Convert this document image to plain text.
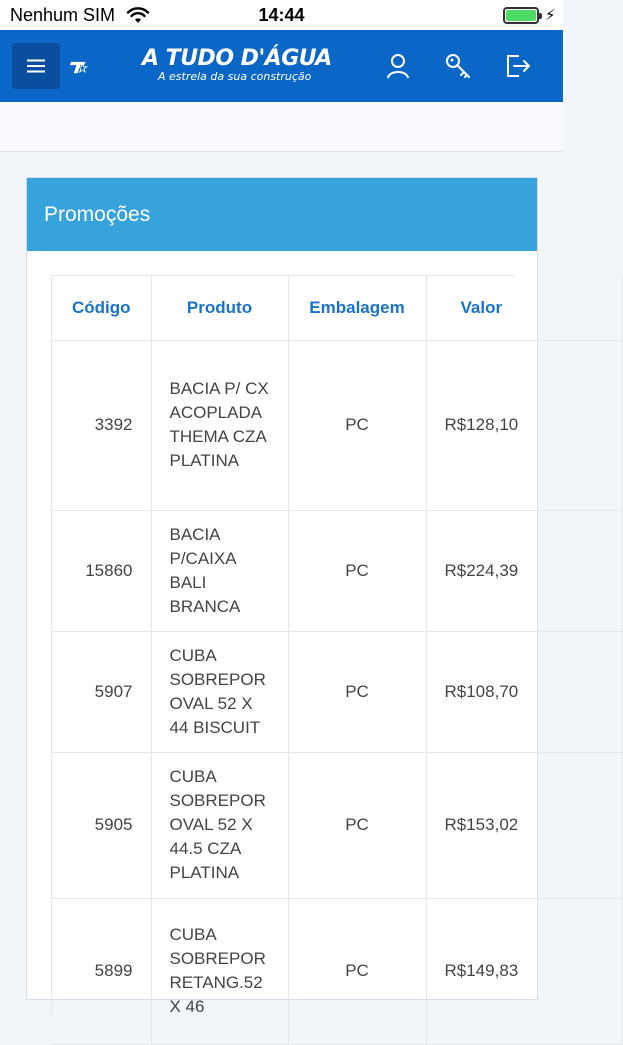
Nenhum SIM	14:44	⚡
A TUDO D'ÁGUA
A estrela da sua construção
Promoções
Código	Produto	Embalagem	Valor
3392	BACIA P/ CX ACOPLADA THEMA CZA PLATINA	PC	R$128,10
15860	BACIA P/CAIXA BALI BRANCA	PC	R$224,39
5907	CUBA SOBREPOR OVAL 52 X 44 BISCUIT	PC	R$108,70
5905	CUBA SOBREPOR OVAL 52 X 44.5 CZA PLATINA	PC	R$153,02
5899	CUBA SOBREPOR RETANG.52 X 46	PC	R$149,83
